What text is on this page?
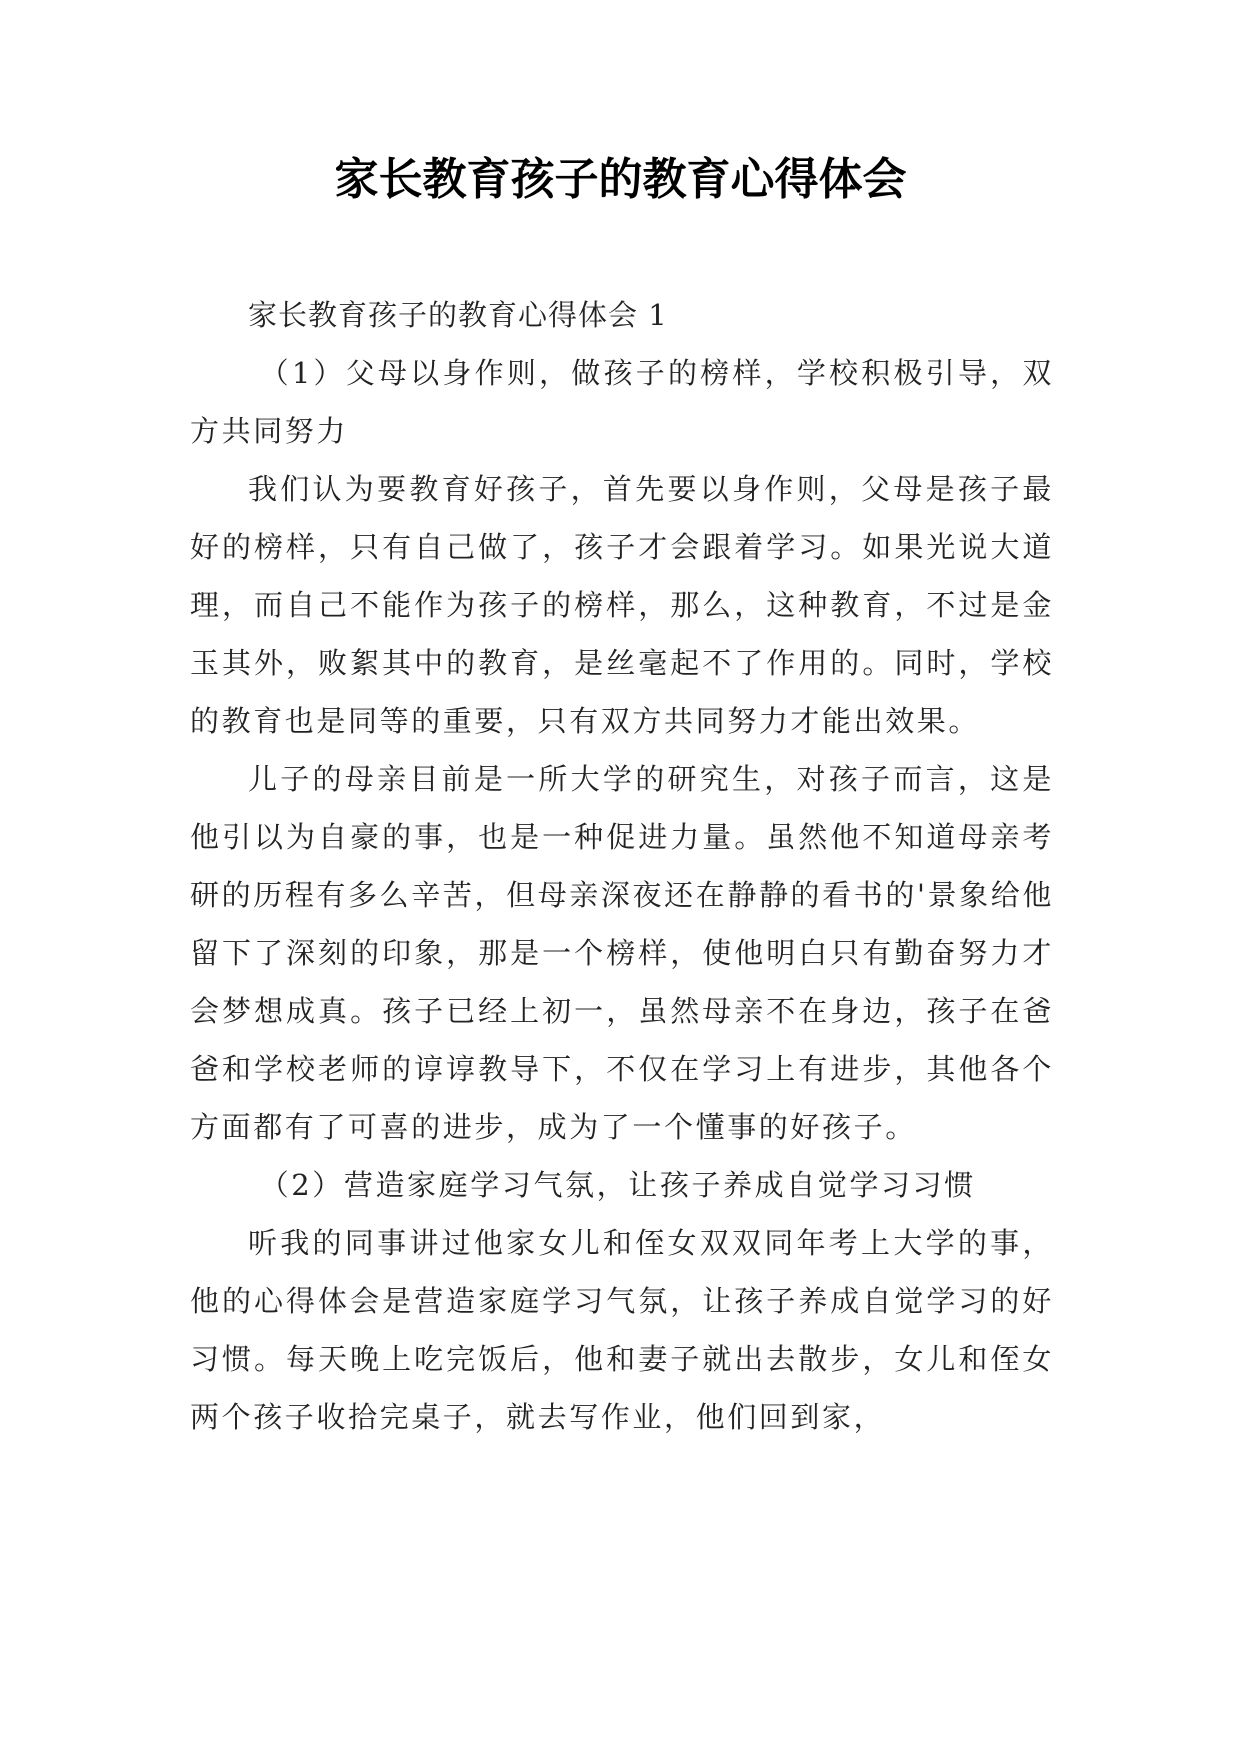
家长教育孩子的教育心得体会

家长教育孩子的教育心得体会 1

（1）父母以身作则，做孩子的榜样，学校积极引导，双方共同努力

我们认为要教育好孩子，首先要以身作则，父母是孩子最好的榜样，只有自己做了，孩子才会跟着学习。如果光说大道理，而自己不能作为孩子的榜样，那么，这种教育，不过是金玉其外，败絮其中的教育，是丝毫起不了作用的。同时，学校的教育也是同等的重要，只有双方共同努力才能出效果。

儿子的母亲目前是一所大学的研究生，对孩子而言，这是他引以为自豪的事，也是一种促进力量。虽然他不知道母亲考研的历程有多么辛苦，但母亲深夜还在静静的看书的'景象给他留下了深刻的印象，那是一个榜样，使他明白只有勤奋努力才会梦想成真。孩子已经上初一，虽然母亲不在身边，孩子在爸爸和学校老师的谆谆教导下，不仅在学习上有进步，其他各个方面都有了可喜的进步，成为了一个懂事的好孩子。

（2）营造家庭学习气氛，让孩子养成自觉学习习惯

听我的同事讲过他家女儿和侄女双双同年考上大学的事，他的心得体会是营造家庭学习气氛，让孩子养成自觉学习的好习惯。每天晚上吃完饭后，他和妻子就出去散步，女儿和侄女两个孩子收拾完桌子，就去写作业，他们回到家，
